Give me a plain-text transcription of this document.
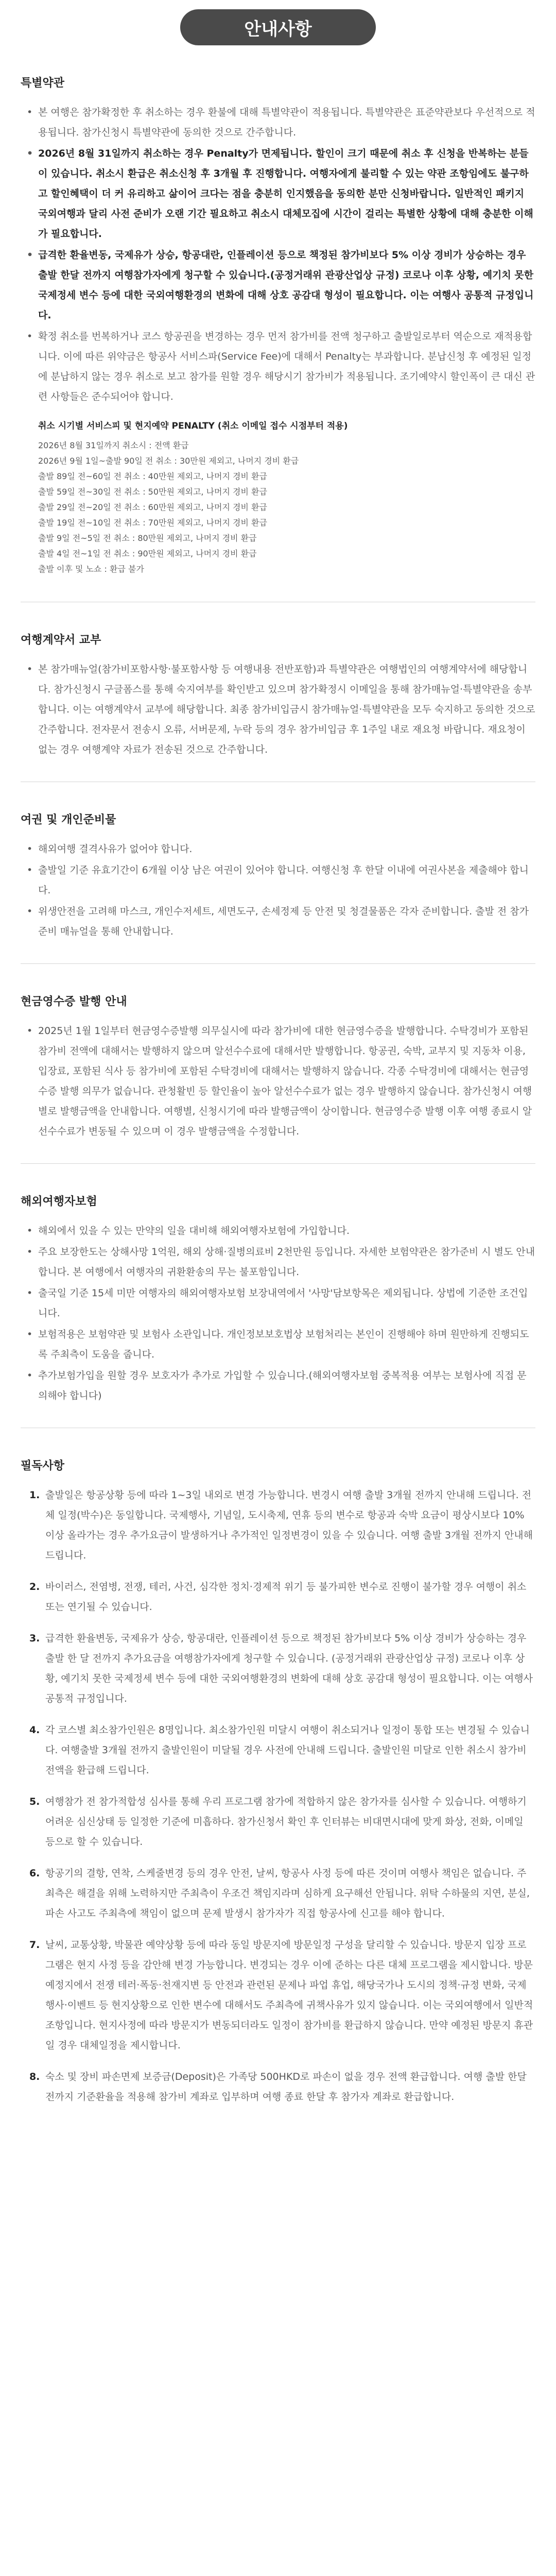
안내사항
특별약관
• 본 여행은 참가확정한 후 취소하는 경우 환불에 대해 특별약관이 적용됩니다. 특별약관은 표준약관보다 우선적으로 적용됩니다. 참가신청시 특별약관에 동의한 것으로 간주합니다.
• 2026년 8월 31일까지 취소하는 경우 Penalty가 면제됩니다. 할인이 크기 때문에 취소 후 신청을 반복하는 분들이 있습니다. 취소시 환급은 취소신청 후 3개월 후 진행합니다. 여행자에게 불리할 수 있는 약관 조항임에도 불구하고 할인혜택이 더 커 유리하고 삶이어 크다는 점을 충분히 인지했음을 동의한 분만 신청바랍니다. 일반적인 패키지 국외여행과 달리 사전 준비가 오랜 기간 필요하고 취소시 대체모집에 시간이 걸리는 특별한 상황에 대해 충분한 이해가 필요합니다.
• 급격한 환율변동, 국제유가 상승, 항공대란, 인플레이션 등으로 책정된 참가비보다 5% 이상 경비가 상승하는 경우 출발 한달 전까지 여행참가자에게 청구할 수 있습니다.(공정거래위 관광산업상 규정) 코로나 이후 상황, 예기치 못한 국제정세 변수 등에 대한 국외여행환경의 변화에 대해 상호 공감대 형성이 필요합니다. 이는 여행사 공통적 규정입니다.
• 확정 취소를 번복하거나 코스 항공권을 변경하는 경우 먼저 참가비를 전액 청구하고 출발일로부터 역순으로 재적용합니다. 이에 따른 위약금은 항공사 서비스파(Service Fee)에 대해서 Penalty는 부과합니다. 분납신청 후 예정된 일정에 분납하지 않는 경우 취소로 보고 참가를 원할 경우 해당시기 참가비가 적용됩니다. 조기예약시 할인폭이 큰 대신 관련 사항들은 준수되어야 합니다.
취소 시기별 서비스피 및 현지예약 PENALTY (취소 이메일 접수 시점부터 적용)
2026년 8월 31일까지 취소시 : 전액 환급
2026년 9월 1일~출발 90일 전 취소 : 30만원 제외고, 나머지 경비 환급
출발 89일 전~60일 전 취소 : 40만원 제외고, 나머지 경비 환급
출발 59일 전~30일 전 취소 : 50만원 제외고, 나머지 경비 환급
출발 29일 전~20일 전 취소 : 60만원 제외고, 나머지 경비 환급
출발 19일 전~10일 전 취소 : 70만원 제외고, 나머지 경비 환급
출발 9일 전~5일 전 취소 : 80만원 제외고, 나머지 경비 환급
출발 4일 전~1일 전 취소 : 90만원 제외고, 나머지 경비 환급
출발 이후 및 노쇼 : 환급 불가
여행계약서 교부
• 본 참가매뉴얼(참가비포함사항·불포함사항 등 여행내용 전반포함)과 특별약관은 여행법인의 여행계약서에 해당합니다. 참가신청시 구글폼스를 통해 숙지여부를 확인받고 있으며 참가확정시 이메일을 통해 참가매뉴얼·특별약관을 송부합니다. 이는 여행계약서 교부에 해당합니다. 최종 참가비입금시 참가매뉴얼·특별약관을 모두 숙지하고 동의한 것으로 간주합니다. 전자문서 전송시 오류, 서버문제, 누락 등의 경우 참가비입금 후 1주일 내로 재요청 바랍니다. 재요청이 없는 경우 여행계약 자료가 전송된 것으로 간주합니다.
여권 및 개인준비물
• 해외여행 결격사유가 없어야 합니다.
• 출발일 기준 유효기간이 6개월 이상 남은 여권이 있어야 합니다. 여행신청 후 한달 이내에 여권사본을 제출해야 합니다.
• 위생안전을 고려해 마스크, 개인수저세트, 세면도구, 손세정제 등 안전 및 청결물품은 각자 준비합니다. 출발 전 참가준비 매뉴얼을 통해 안내합니다.
현금영수증 발행 안내
• 2025년 1월 1일부터 현금영수증발행 의무실시에 따라 참가비에 대한 현금영수증을 발행합니다. 수탁경비가 포함된 참가비 전액에 대해서는 발행하지 않으며 알선수수료에 대해서만 발행합니다. 항공권, 숙박, 교부지 및 지동차 이용, 입장료, 포함된 식사 등 참가비에 포함된 수탁경비에 대해서는 발행하지 않습니다. 각종 수탁경비에 대해서는 현금영수증 발행 의무가 없습니다. 관청활빈 등 할인율이 높아 알선수수료가 없는 경우 발행하지 않습니다. 참가신청시 여행별로 발행금액을 안내합니다. 여행별, 신청시기에 따라 발행금액이 상이합니다. 현금영수증 발행 이후 여행 종료시 알선수수료가 변동될 수 있으며 이 경우 발행금액을 수정합니다.
해외여행자보험
• 해외에서 있을 수 있는 만약의 일을 대비해 해외여행자보험에 가입합니다.
• 주요 보장한도는 상해사망 1억원, 해외 상해·질병의료비 2천만원 등입니다. 자세한 보험약관은 참가준비 시 별도 안내합니다. 본 여행에서 여행자의 귀환환송의 무는 불포함입니다.
• 출국일 기준 15세 미만 여행자의 해외여행자보험 보장내역에서 '사망'담보항목은 제외됩니다. 상법에 기준한 조건입니다.
• 보험적용은 보험약관 및 보험사 소관입니다. 개인정보보호법상 보험처리는 본인이 진행해야 하며 원만하게 진행되도록 주최측이 도움을 줍니다.
• 추가보험가입을 원할 경우 보호자가 추가로 가입할 수 있습니다.(해외여행자보험 중복적용 여부는 보험사에 직접 문의해야 합니다)
필독사항
1. 출발일은 항공상황 등에 따라 1~3일 내외로 변경 가능합니다. 변경시 여행 출발 3개월 전까지 안내해 드립니다. 전체 일정(박수)은 동일합니다. 국제행사, 기념일, 도시축제, 연휴 등의 변수로 항공과 숙박 요금이 평상시보다 10% 이상 올라가는 경우 추가요금이 발생하거나 추가적인 일정변경이 있을 수 있습니다. 여행 출발 3개월 전까지 안내해 드립니다.
2. 바이러스, 전염병, 전쟁, 테러, 사건, 심각한 정치·경제적 위기 등 불가피한 변수로 진행이 불가할 경우 여행이 취소 또는 연기될 수 있습니다.
3. 급격한 환율변동, 국제유가 상승, 항공대란, 인플레이션 등으로 책정된 참가비보다 5% 이상 경비가 상승하는 경우 출발 한 달 전까지 추가요금을 여행참가자에게 청구할 수 있습니다. (공정거래위 관광산업상 규정) 코로나 이후 상황, 예기치 못한 국제정세 변수 등에 대한 국외여행환경의 변화에 대해 상호 공감대 형성이 필요합니다. 이는 여행사 공통적 규정입니다.
4. 각 코스별 최소참가인원은 8명입니다. 최소참가인원 미달시 여행이 취소되거나 일정이 통합 또는 변경될 수 있습니다. 여행출발 3개월 전까지 출발인원이 미달될 경우 사전에 안내해 드립니다. 출발인원 미달로 인한 취소시 참가비 전액을 환급해 드립니다.
5. 여행참가 전 참가적합성 심사를 통해 우리 프로그램 참가에 적합하지 않은 참가자를 심사할 수 있습니다. 여행하기 어려운 심신상태 등 일정한 기준에 미흡하다. 참가신청서 확인 후 인터뷰는 비대면시대에 맞게 화상, 전화, 이메일 등으로 할 수 있습니다.
6. 항공기의 결항, 연착, 스케줄변경 등의 경우 안전, 날씨, 항공사 사정 등에 따른 것이며 여행사 책임은 없습니다. 주최측은 해결을 위해 노력하지만 주최측이 우조건 책임지라며 심하게 요구해선 안됩니다. 위탁 수하물의 지연, 분실, 파손 사고도 주최측에 책임이 없으며 문제 발생시 참가자가 직접 항공사에 신고를 해야 합니다.
7. 날씨, 교통상황, 박물관 예약상황 등에 따라 동일 방문지에 방문일정 구성을 달리할 수 있습니다. 방문지 입장 프로그램은 현지 사정 등을 감안해 변경 가능합니다. 변경되는 경우 이에 준하는 다른 대체 프로그램을 제시합니다. 방문 예정지에서 전쟁 테러·폭동·천재지변 등 안전과 관련된 문제나 파업 휴업, 해당국가나 도시의 정책·규정 변화, 국제행사·이벤트 등 현지상황으로 인한 변수에 대해서도 주최측에 귀책사유가 있지 않습니다. 이는 국외여행에서 일반적 조항입니다. 현지사정에 따라 방문지가 변동되더라도 일정이 참가비를 환급하지 않습니다. 만약 예정된 방문지 휴관일 경우 대체일정을 제시합니다.
8. 숙소 및 장비 파손면제 보증금(Deposit)은 가족당 500HKD로 파손이 없을 경우 전액 환급합니다. 여행 출발 한달 전까지 기준환율을 적용해 참가비 계좌로 입부하며 여행 종료 한달 후 참가자 계좌로 환급합니다.
